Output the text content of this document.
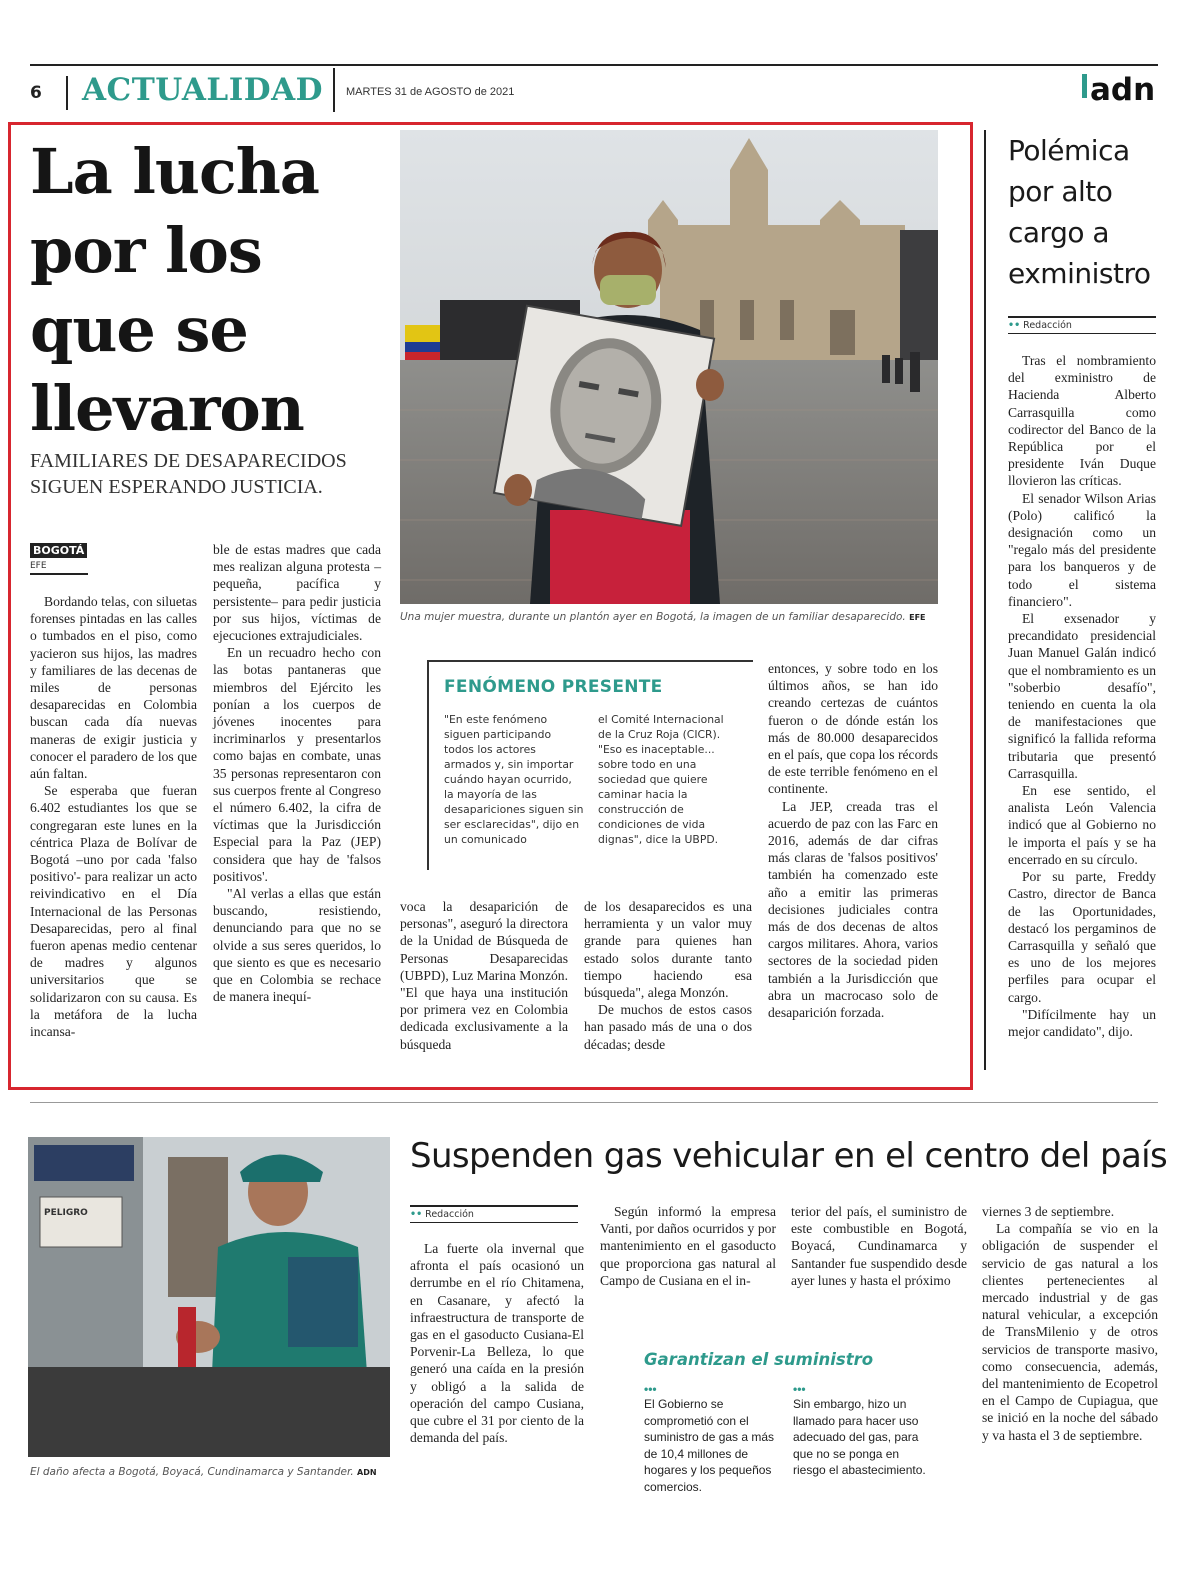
6	ACTUALIDAD	MARTES 31 de AGOSTO de 2021	adn
La lucha por los que se llevaron
FAMILIARES DE DESAPARECIDOS SIGUEN ESPERANDO JUSTICIA.
BOGOTÁ
EFE

Bordando telas, con siluetas forenses pintadas en las calles o tumbados en el piso, como yacieron sus hijos, las madres y familiares de las decenas de miles de personas desaparecidas en Colombia buscan cada día nuevas maneras de exigir justicia y conocer el paradero de los que aún faltan.

Se esperaba que fueran 6.402 estudiantes los que se congregaran este lunes en la céntrica Plaza de Bolívar de Bogotá –uno por cada 'falso positivo'- para realizar un acto reivindicativo en el Día Internacional de las Personas Desaparecidas, pero al final fueron apenas medio centenar de madres y algunos universitarios que se solidarizaron con su causa. Es la metáfora de la lucha incansa-

ble de estas madres que cada mes realizan alguna protesta –pequeña, pacífica y persistente– para pedir justicia por sus hijos, víctimas de ejecuciones extrajudiciales.

En un recuadro hecho con las botas pantaneras que miembros del Ejército les ponían a los cuerpos de jóvenes inocentes para incriminarlos y presentarlos como bajas en combate, unas 35 personas representaron con sus cuerpos frente al Congreso el número 6.402, la cifra de víctimas que la Jurisdicción Especial para la Paz (JEP) considera que hay de 'falsos positivos'.

"Al verlas a ellas que están buscando, resistiendo, denunciando para que no se olvide a sus seres queridos, lo que siento es que es necesario que en Colombia se rechace de manera inequí-

Una mujer muestra, durante un plantón ayer en Bogotá, la imagen de un familiar desaparecido. EFE
FENÓMENO PRESENTE
"En este fenómeno siguen participando todos los actores armados y, sin importar cuándo hayan ocurrido, la mayoría de las desapariciones siguen sin ser esclarecidas", dijo en un comunicado
el Comité Internacional de la Cruz Roja (CICR). "Eso es inaceptable... sobre todo en una sociedad que quiere caminar hacia la construcción de condiciones de vida dignas", dice la UBPD.

voca la desaparición de personas", aseguró la directora de la Unidad de Búsqueda de Personas Desaparecidas (UBPD), Luz Marina Monzón. "El que haya una institución por primera vez en Colombia dedicada exclusivamente a la búsqueda

de los desaparecidos es una herramienta y un valor muy grande para quienes han estado solos durante tanto tiempo haciendo esa búsqueda", alega Monzón.

De muchos de estos casos han pasado más de una o dos décadas; desde

entonces, y sobre todo en los últimos años, se han ido creando certezas de cuántos fueron o de dónde están los más de 80.000 desaparecidos en el país, que copa los récords de este terrible fenómeno en el continente.

La JEP, creada tras el acuerdo de paz con las Farc en 2016, además de dar cifras más claras de 'falsos positivos' también ha comenzado este año a emitir las primeras decisiones judiciales contra más de dos decenas de altos cargos militares. Ahora, varios sectores de la sociedad piden también a la Jurisdicción que abra un macrocaso solo de desaparición forzada.

Polémica por alto cargo a exministro
•• Redacción

Tras el nombramiento del exministro de Hacienda Alberto Carrasquilla como codirector del Banco de la República por el presidente Iván Duque llovieron las críticas.

El senador Wilson Arias (Polo) calificó la designación como un "regalo más del presidente para los banqueros y de todo el sistema financiero".

El exsenador y precandidato presidencial Juan Manuel Galán indicó que el nombramiento es un "soberbio desafío", teniendo en cuenta la ola de manifestaciones que significó la fallida reforma tributaria que presentó Carrasquilla.

En ese sentido, el analista León Valencia indicó que al Gobierno no le importa el país y se ha encerrado en su círculo.

Por su parte, Freddy Castro, director de Banca de las Oportunidades, destacó los pergaminos de Carrasquilla y señaló que es uno de los mejores perfiles para ocupar el cargo.

"Difícilmente hay un mejor candidato", dijo.

PELIGRO
El daño afecta a Bogotá, Boyacá, Cundinamarca y Santander. ADN
Suspenden gas vehicular en el centro del país
•• Redacción

La fuerte ola invernal que afronta el país ocasionó un derrumbe en el río Chitamena, en Casanare, y afectó la infraestructura de transporte de gas en el gasoducto Cusiana-El Porvenir-La Belleza, lo que generó una caída en la presión y obligó a la salida de operación del campo Cusiana, que cubre el 31 por ciento de la demanda del país.

Según informó la empresa Vanti, por daños ocurridos y por mantenimiento en el gasoducto que proporciona gas natural al Campo de Cusiana en el in-

terior del país, el suministro de este combustible en Bogotá, Boyacá, Cundinamarca y Santander fue suspendido desde ayer lunes y hasta el próximo

viernes 3 de septiembre.

La compañía se vio en la obligación de suspender el servicio de gas natural a los clientes pertenecientes al mercado industrial y de gas natural vehicular, a excepción de TransMilenio y de otros servicios de transporte masivo, como consecuencia, además, del mantenimiento de Ecopetrol en el Campo de Cupiagua, que se inició en la noche del sábado y va hasta el 3 de septiembre.

Garantizan el suministro
•••
El Gobierno se comprometió con el suministro de gas a más de 10,4 millones de hogares y los pequeños comercios.
•••
Sin embargo, hizo un llamado para hacer uso adecuado del gas, para que no se ponga en riesgo el abastecimiento.
